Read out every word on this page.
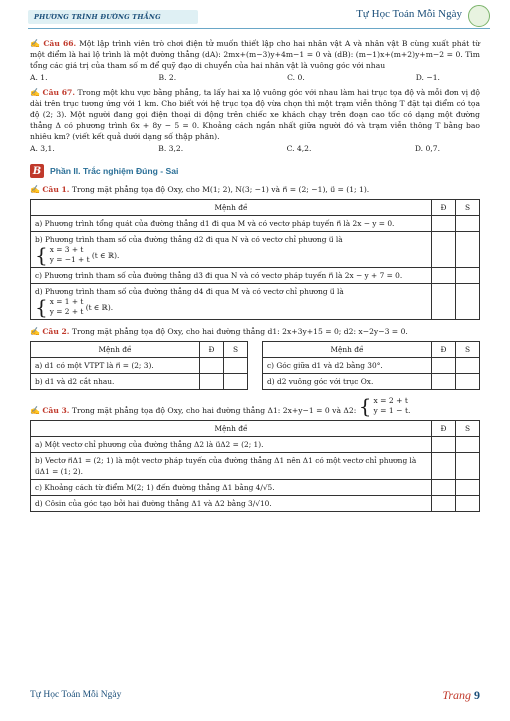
PHƯƠNG TRÌNH ĐƯỜNG THẲNG	Tự Học Toán Mỗi Ngày
✍ Câu 66. Một lập trình viên trò chơi điện tử muốn thiết lập cho hai nhân vật A và nhân vật B cùng xuất phát từ một điểm là hai lộ trình là một đường thẳng (dA): 2mx+(m−3)y+4m−1 = 0 và (dB): (m−1)x+(m+2)y+m−2 = 0. Tìm tổng các giá trị của tham số m để quỹ đạo di chuyển của hai nhân vật là vuông góc với nhau
A. 1.	B. 2.	C. 0.	D. −1.
✍ Câu 67. Trong một khu vực bằng phẳng, ta lấy hai xa lộ vuông góc với nhau làm hai trục tọa độ và mỗi đơn vị độ dài trên trục tương ứng với 1 km. Cho biết với hệ trục tọa độ vừa chọn thì một trạm viễn thông T đặt tại điểm có tọa độ (2; 3). Một người đang gọi điện thoại di động trên chiếc xe khách chạy trên đoạn cao tốc có dạng một đường thẳng Δ có phương trình 6x + 8y − 5 = 0. Khoảng cách ngắn nhất giữa người đó và trạm viễn thông T bằng bao nhiêu km? (viết kết quả dưới dạng số thập phân).
A. 3,1.	B. 3,2.	C. 4,2.	D. 0,7.
B	Phần II. Trắc nghiệm Đúng - Sai
✍ Câu 1. Trong mặt phẳng tọa độ Oxy, cho M(1; 2), N(3; −1) và n⃗ = (2; −1), u⃗ = (1; 1).
Mệnh đề	Đ	S
a) Phương trình tổng quát của đường thẳng d1 đi qua M và có vectơ pháp tuyến n⃗ là 2x − y = 0.		
b) Phương trình tham số của đường thẳng d2 đi qua N và có vectơ chỉ phương u⃗ là

{ x = 3 + t
y = −1 + t
(t ∈ ℝ).		

c) Phương trình tham số của đường thẳng d3 đi qua N và có vectơ pháp tuyến n⃗ là 2x − y + 7 = 0.		
d) Phương trình tham số của đường thẳng d4 đi qua M và có vectơ chỉ phương u⃗ là

{ x = 1 + t
y = 2 + t
(t ∈ ℝ).		

✍ Câu 2. Trong mặt phẳng tọa độ Oxy, cho hai đường thẳng d1: 2x+3y+15 = 0; d2: x−2y−3 = 0.
Mệnh đề	Đ	S
a) d1 có một VTPT là n⃗ = (2; 3).		
b) d1 và d2 cắt nhau.		
Mệnh đề	Đ	S
c) Góc giữa d1 và d2 bằng 30°.		
d) d2 vuông góc với trục Ox.		
✍ Câu 3. Trong mặt phẳng tọa độ Oxy, cho hai đường thẳng Δ1: 2x+y−1 = 0 và Δ2: { x = 2 + t
y = 1 − t.
Mệnh đề	Đ	S
a) Một vectơ chỉ phương của đường thẳng Δ2 là u⃗Δ2 = (2; 1).		
b) Vectơ n⃗Δ1 = (2; 1) là một vectơ pháp tuyến của đường thẳng Δ1 nên Δ1 có một vectơ chỉ phương là u⃗Δ1 = (1; 2).		
c) Khoảng cách từ điểm M(2; 1) đến đường thẳng Δ1 bằng 4/√5.		
d) Côsin của góc tạo bởi hai đường thẳng Δ1 và Δ2 bằng 3/√10.		
Tự Học Toán Mỗi Ngày	Trang 9
